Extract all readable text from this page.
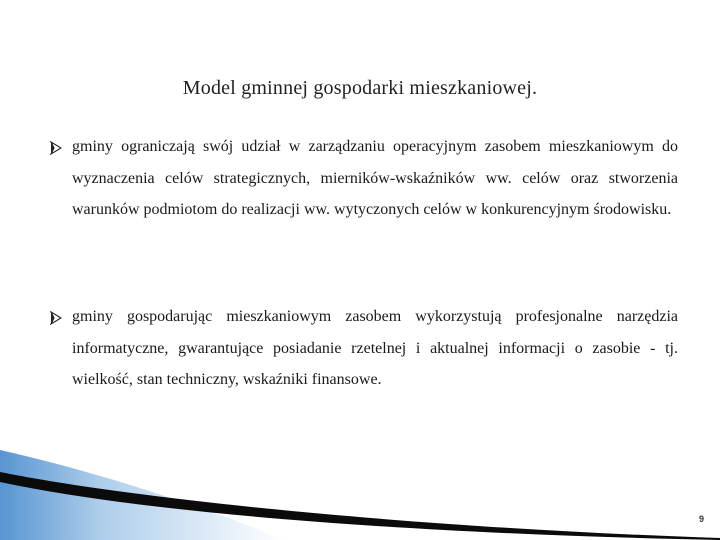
Model gminnej gospodarki mieszkaniowej.
gminy ograniczają swój udział w zarządzaniu operacyjnym zasobem mieszkaniowym do wyznaczenia celów strategicznych, mierników-wskaźników ww. celów oraz stworzenia warunków podmiotom do realizacji ww. wytyczonych celów w konkurencyjnym środowisku.
gminy gospodarując mieszkaniowym zasobem wykorzystują profesjonalne narzędzia informatyczne, gwarantujące posiadanie rzetelnej i aktualnej informacji o zasobie - tj. wielkość, stan techniczny, wskaźniki finansowe.
9
